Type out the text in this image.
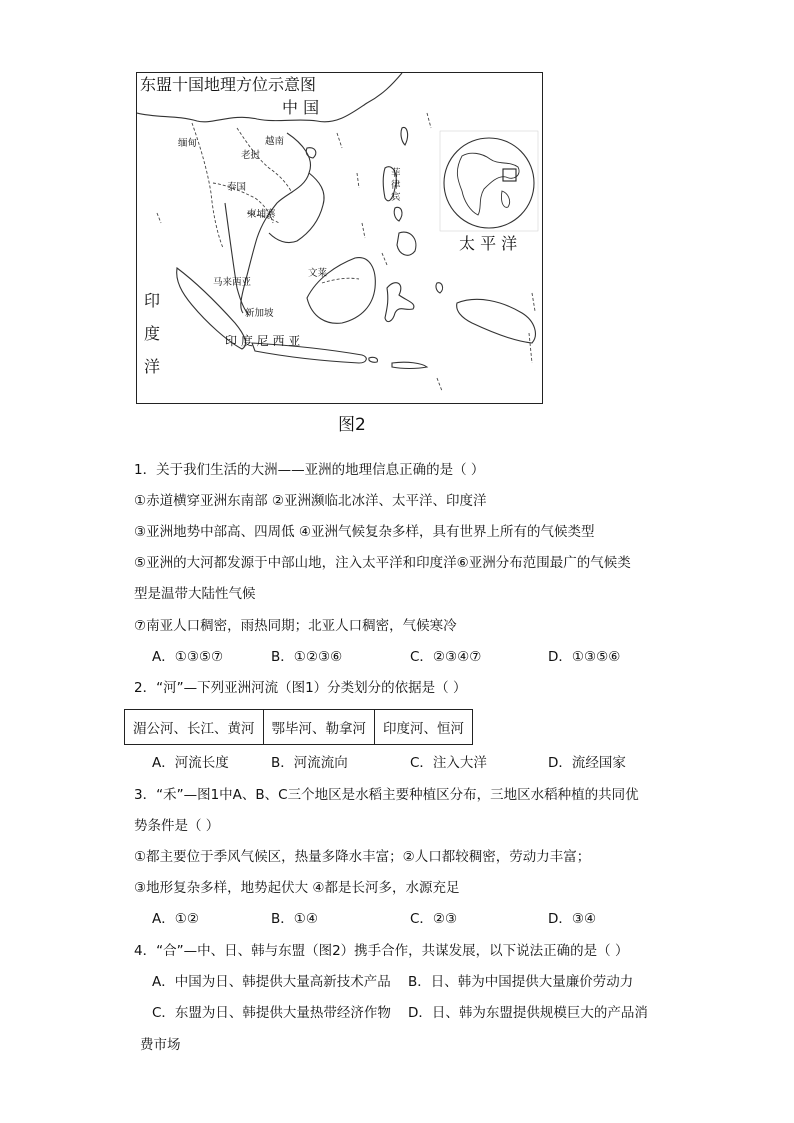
东盟十国地理方位示意图
中 国
太 平 洋
印
度
洋
印 度 尼 西 亚
缅甸	越南
老挝
泰国
柬埔寨
菲
律
宾
文莱
马来西亚
新加坡
图2
1．关于我们生活的大洲——亚洲的地理信息正确的是（ ）
①赤道横穿亚洲东南部 ②亚洲濒临北冰洋、太平洋、印度洋
③亚洲地势中部高、四周低 ④亚洲气候复杂多样，具有世界上所有的气候类型
⑤亚洲的大河都发源于中部山地，注入太平洋和印度洋⑥亚洲分布范围最广的气候类
型是温带大陆性气候
⑦南亚人口稠密，雨热同期；北亚人口稠密，气候寒冷
A．①③⑤⑦	B．①②③⑥	C．②③④⑦	D．①③⑤⑥
2．“河”—下列亚洲河流（图1）分类划分的依据是（ ）
湄公河、长江、黄河	鄂毕河、勒拿河	印度河、恒河
A．河流长度	B．河流流向	C．注入大洋	D．流经国家
3．“禾”—图1中A、B、C三个地区是水稻主要种植区分布，三地区水稻种植的共同优
势条件是（ ）
①都主要位于季风气候区，热量多降水丰富；②人口都较稠密，劳动力丰富；
③地形复杂多样，地势起伏大 ④都是长河多，水源充足
A．①②	B．①④	C．②③	D．③④
4．“合”—中、日、韩与东盟（图2）携手合作，共谋发展，以下说法正确的是（ ）
A．中国为日、韩提供大量高新技术产品 B．日、韩为中国提供大量廉价劳动力
C．东盟为日、韩提供大量热带经济作物 D．日、韩为东盟提供规模巨大的产品消
费市场
